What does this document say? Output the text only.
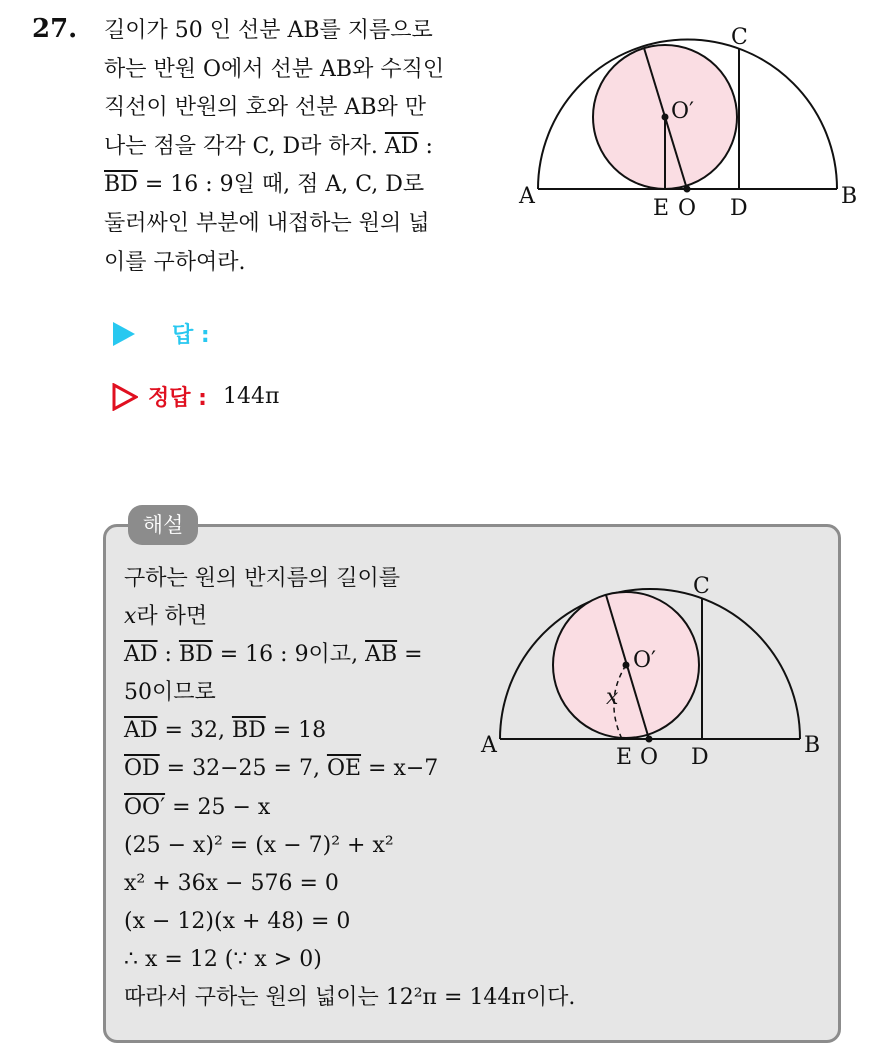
27. 길이가 50 인 선분 AB를 지름으로
하는 반원 O에서 선분 AB와 수직인
직선이 반원의 호와 선분 AB와 만
나는 점을 각각 C, D라 하자. $\overline{AD}$ :
$\overline{BD} = 16$ : 9일 때, 점 A, C, D로
둘러싸인 부분에 내접하는 원의 넓
이를 구하여라.
A	B
C
D
E O
O′
답 :
정답 : 144π
해설
구하는 원의 반지름의 길이를
x라 하면
$\overline{AD}$ : $\overline{BD} = 16$ : 9이고, $\overline{AB}$ =
50이므로
$\overline{AD} = 32$, $\overline{BD} = 18$
$\overline{OD} = 32-25 = 7$, $\overline{OE} = x-7$
OO′ = 25 − x
(25 − x)² = (x − 7)² + x²
x² + 36x − 576 = 0
(x − 12)(x + 48) = 0
∴ x = 12 (∵ x > 0)
따라서 구하는 원의 넓이는 12²π = 144π이다.
A	B
C
D
E O
O′
x
